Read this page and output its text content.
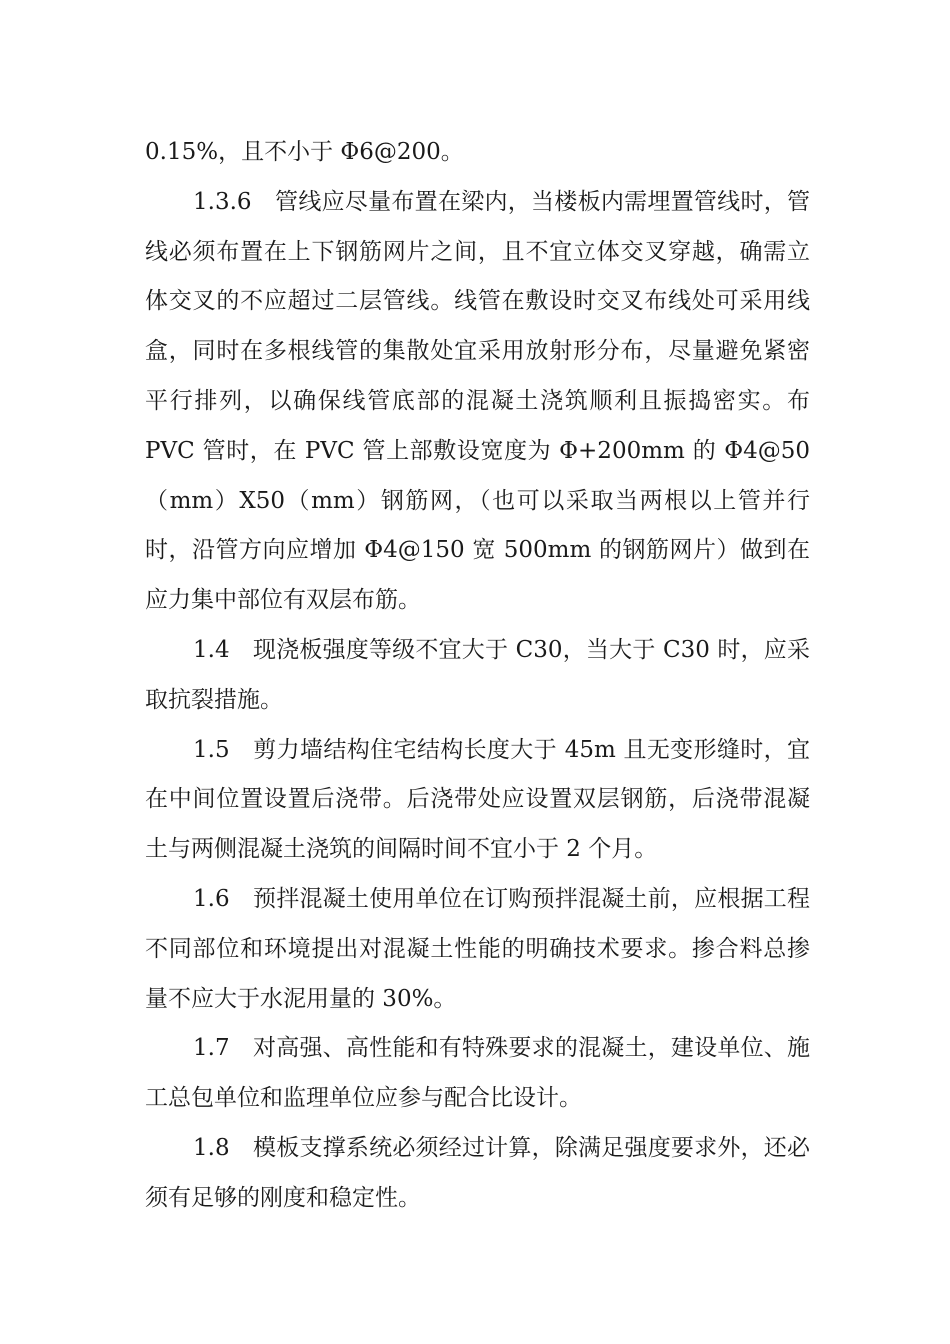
0.15%，且不小于 Φ6@200。

1.3.6　管线应尽量布置在梁内，当楼板内需埋置管线时，管线必须布置在上下钢筋网片之间，且不宜立体交叉穿越，确需立体交叉的不应超过二层管线。线管在敷设时交叉布线处可采用线盒，同时在多根线管的集散处宜采用放射形分布，尽量避免紧密平行排列，以确保线管底部的混凝土浇筑顺利且振捣密实。布 PVC 管时，在 PVC 管上部敷设宽度为 Φ+200mm 的 Φ4@50（mm）X50（mm）钢筋网，（也可以采取当两根以上管并行时，沿管方向应增加 Φ4@150 宽 500mm 的钢筋网片）做到在应力集中部位有双层布筋。

1.4　现浇板强度等级不宜大于 C30，当大于 C30 时，应采取抗裂措施。

1.5　剪力墙结构住宅结构长度大于 45m 且无变形缝时，宜在中间位置设置后浇带。后浇带处应设置双层钢筋，后浇带混凝土与两侧混凝土浇筑的间隔时间不宜小于 2 个月。

1.6　预拌混凝土使用单位在订购预拌混凝土前，应根据工程不同部位和环境提出对混凝土性能的明确技术要求。掺合料总掺量不应大于水泥用量的 30%。

1.7　对高强、高性能和有特殊要求的混凝土，建设单位、施工总包单位和监理单位应参与配合比设计。

1.8　模板支撑系统必须经过计算，除满足强度要求外，还必须有足够的刚度和稳定性。
